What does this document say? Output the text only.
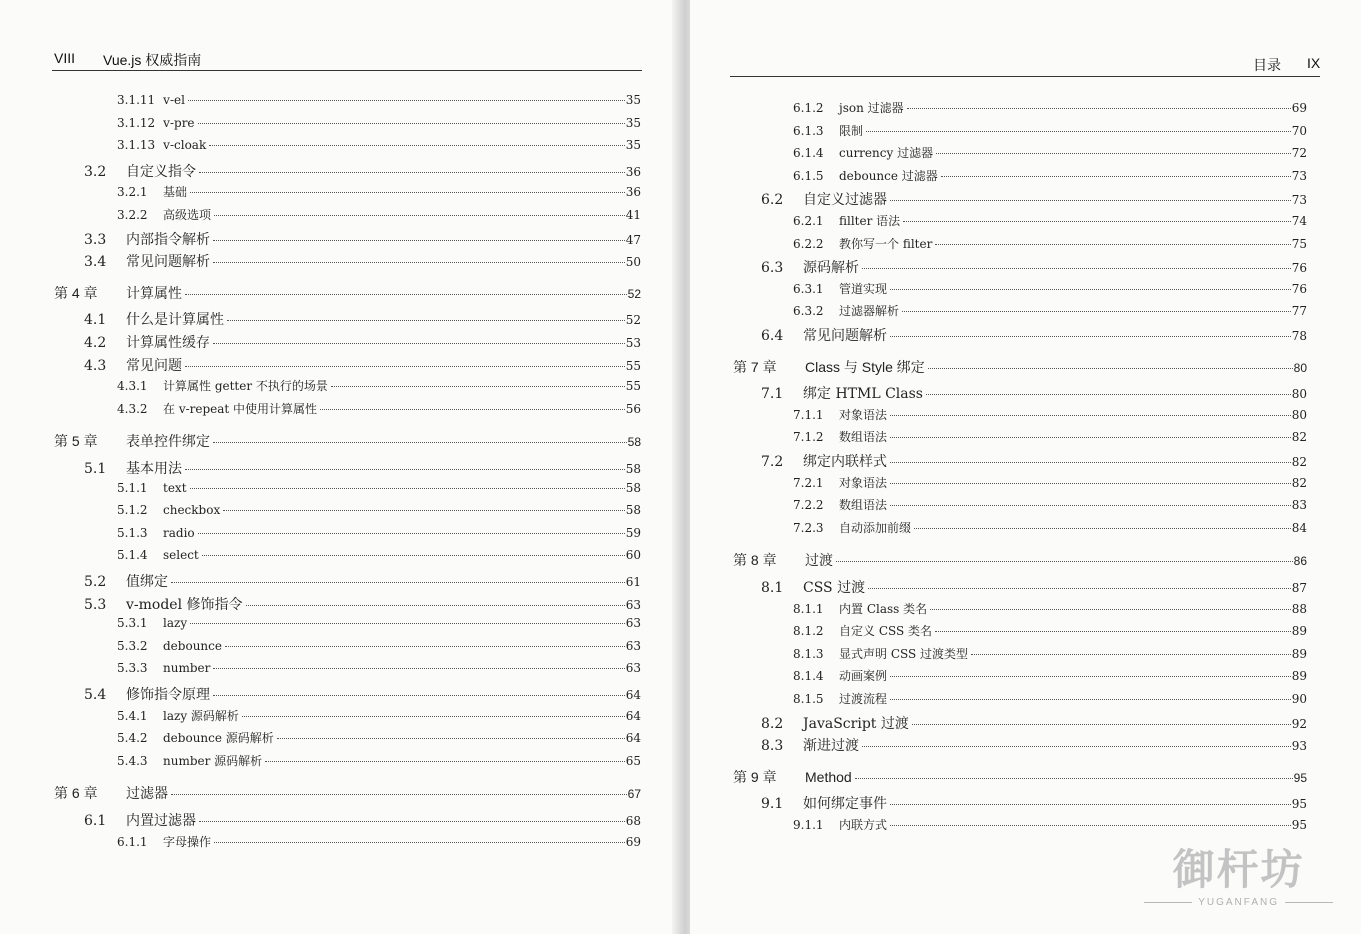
VIII Vue.js 权威指南
3.1.11 v-el	35
3.1.12 v-pre	35
3.1.13 v-cloak	35
3.2	自定义指令	36
3.2.1	基础	36
3.2.2	高级选项	41
3.3	内部指令解析	47
3.4	常见问题解析	50
第 4 章	计算属性	52
4.1	什么是计算属性	52
4.2	计算属性缓存	53
4.3	常见问题	55
4.3.1	计算属性 getter 不执行的场景	55
4.3.2	在 v-repeat 中使用计算属性	56
第 5 章	表单控件绑定	58
5.1	基本用法	58
5.1.1	text	58
5.1.2	checkbox	58
5.1.3	radio	59
5.1.4	select	60
5.2	值绑定	61
5.3	v-model 修饰指令	63
5.3.1	lazy	63
5.3.2	debounce	63
5.3.3	number	63
5.4	修饰指令原理	64
5.4.1	lazy 源码解析	64
5.4.2	debounce 源码解析	64
5.4.3	number 源码解析	65
第 6 章	过滤器	67
6.1	内置过滤器	68
6.1.1	字母操作	69
目录 IX
6.1.2	json 过滤器	69
6.1.3	限制	70
6.1.4	currency 过滤器	72
6.1.5	debounce 过滤器	73
6.2	自定义过滤器	73
6.2.1	fillter 语法	74
6.2.2	教你写一个 filter	75
6.3	源码解析	76
6.3.1	管道实现	76
6.3.2	过滤器解析	77
6.4	常见问题解析	78
第 7 章	Class 与 Style 绑定	80
7.1	绑定 HTML Class	80
7.1.1	对象语法	80
7.1.2	数组语法	82
7.2	绑定内联样式	82
7.2.1	对象语法	82
7.2.2	数组语法	83
7.2.3	自动添加前缀	84
第 8 章	过渡	86
8.1	CSS 过渡	87
8.1.1	内置 Class 类名	88
8.1.2	自定义 CSS 类名	89
8.1.3	显式声明 CSS 过渡类型	89
8.1.4	动画案例	89
8.1.5	过渡流程	90
8.2	JavaScript 过渡	92
8.3	渐进过渡	93
第 9 章	Method	95
9.1	如何绑定事件	95
9.1.1	内联方式	95
御杆坊
YUGANFANG
